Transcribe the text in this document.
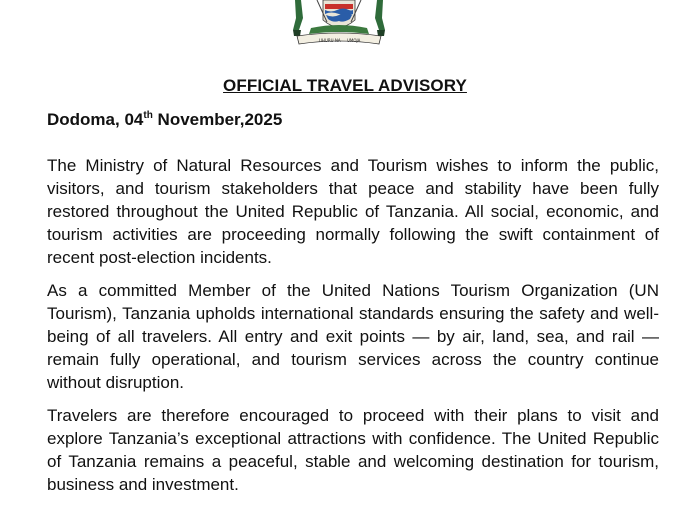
UHURU NA UMOJA
OFFICIAL TRAVEL ADVISORY
Dodoma, 04th November,2025

The Ministry of Natural Resources and Tourism wishes to inform the public, visitors, and tourism stakeholders that peace and stability have been fully restored throughout the United Republic of Tanzania. All social, economic, and tourism activities are proceeding normally following the swift containment of recent post-election incidents.

As a committed Member of the United Nations Tourism Organization (UN Tourism), Tanzania upholds international standards ensuring the safety and well-being of all travelers. All entry and exit points — by air, land, sea, and rail — remain fully operational, and tourism services across the country continue without disruption.

Travelers are therefore encouraged to proceed with their plans to visit and explore Tanzania’s exceptional attractions with confidence. The United Republic of Tanzania remains a peaceful, stable and welcoming destination for tourism, business and investment.
